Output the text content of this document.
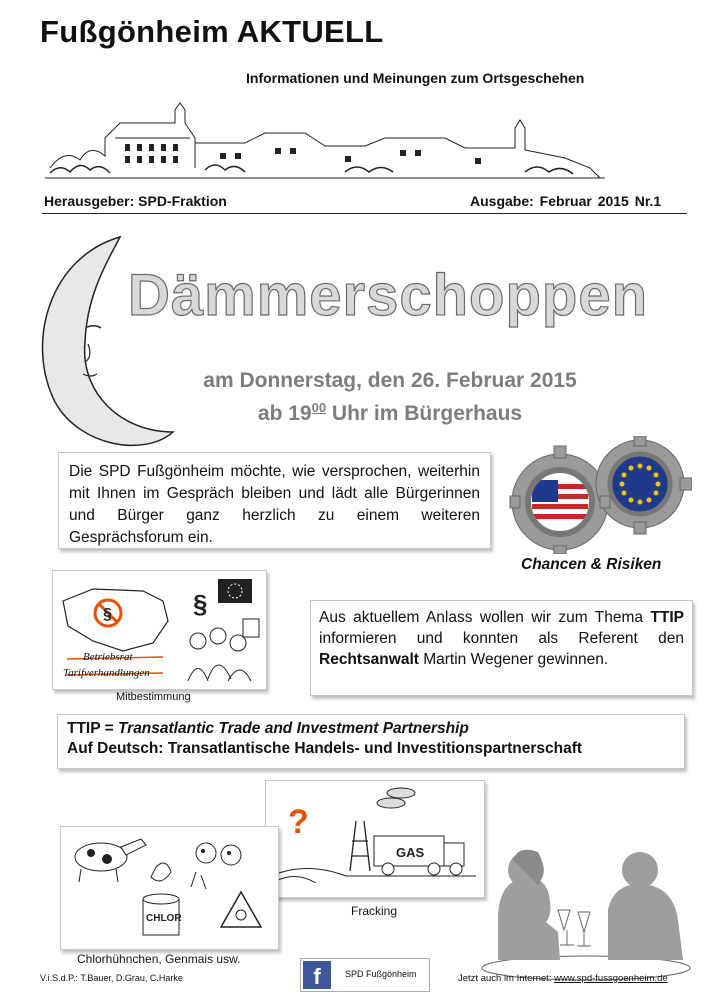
Fußgönheim AKTUELL
Informationen und Meinungen zum Ortsgeschehen
Herausgeber: SPD-Fraktion	Ausgabe: Februar 2015 Nr.1
Dämmerschoppen
am Donnerstag, den 26. Februar 2015
ab $19^{00}$ Uhr im Bürgerhaus
Die SPD Fußgönheim möchte, wie versprochen, weiterhin mit Ihnen im Gespräch bleiben und lädt alle Bürgerinnen und Bürger ganz herzlich zu einem weiteren Gesprächsforum ein.
Chancen & Risiken
§	§
Betriebsrat
Tarifverhandlungen
Mitbestimmung
Aus aktuellem Anlass wollen wir zum Thema TTIP informieren und konnten als Referent den Rechtsanwalt Martin Wegener gewinnen.
TTIP = Transatlantic Trade and Investment Partnership
Auf Deutsch: Transatlantische Handels- und Investitionspartnerschaft
?
GAS
Fracking
CHLOR
Chlorhühnchen, Genmais usw.
V.i.S.d.P.: T.Bauer, D.Grau, C.Harke	f	SPD Fußgönheim	Jetzt auch im Internet: www.spd-fussgoenheim.de
